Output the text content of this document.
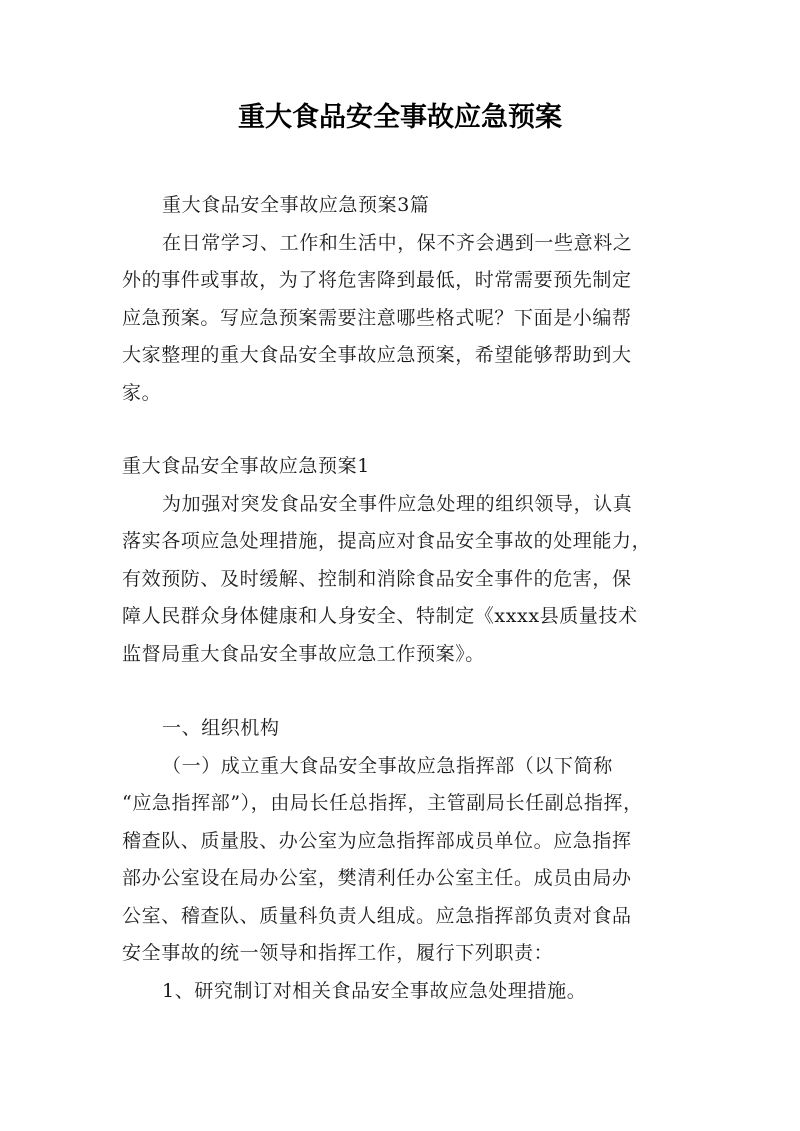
重大食品安全事故应急预案
重大食品安全事故应急预案3篇
在日常学习、工作和生活中，保不齐会遇到一些意料之
外的事件或事故，为了将危害降到最低，时常需要预先制定
应急预案。写应急预案需要注意哪些格式呢？下面是小编帮
大家整理的重大食品安全事故应急预案，希望能够帮助到大
家。
重大食品安全事故应急预案1
为加强对突发食品安全事件应急处理的组织领导，认真
落实各项应急处理措施，提高应对食品安全事故的处理能力，
有效预防、及时缓解、控制和消除食品安全事件的危害，保
障人民群众身体健康和人身安全、特制定《xxxx县质量技术
监督局重大食品安全事故应急工作预案》。
一、组织机构
（一）成立重大食品安全事故应急指挥部（以下简称
“应急指挥部”），由局长任总指挥，主管副局长任副总指挥，
稽查队、质量股、办公室为应急指挥部成员单位。应急指挥
部办公室设在局办公室，樊清利任办公室主任。成员由局办
公室、稽查队、质量科负责人组成。应急指挥部负责对食品
安全事故的统一领导和指挥工作，履行下列职责：
1、研究制订对相关食品安全事故应急处理措施。
